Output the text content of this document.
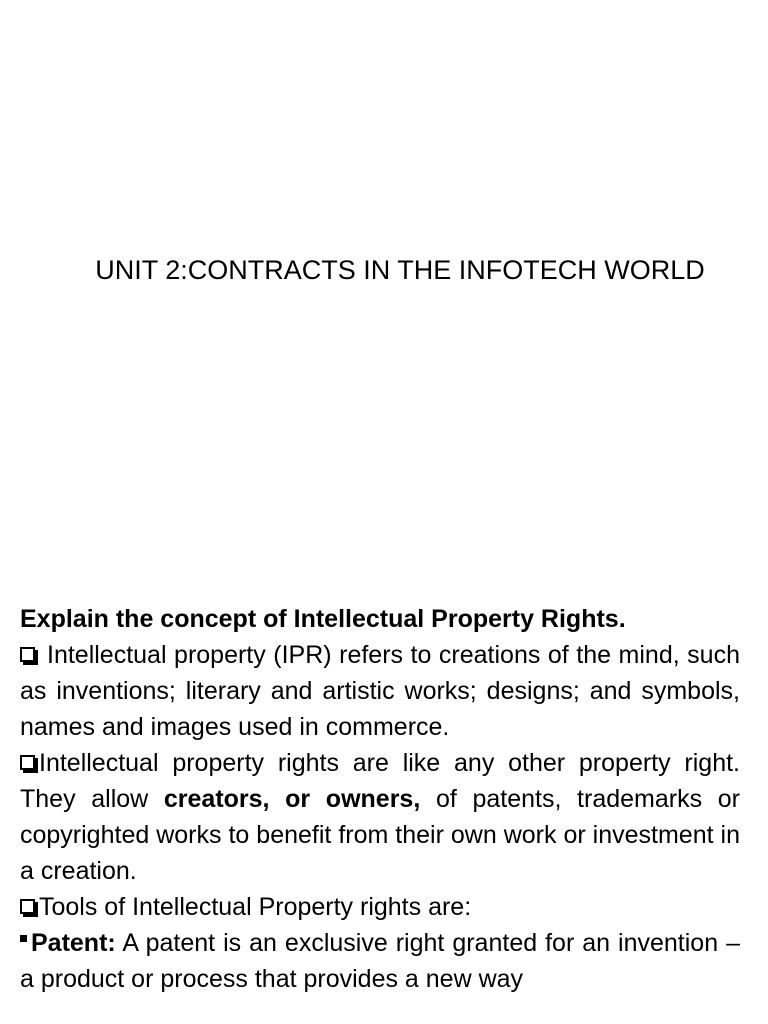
UNIT 2:CONTRACTS IN THE INFOTECH WORLD

Explain the concept of Intellectual Property Rights.

Intellectual property (IPR) refers to creations of the mind, such as inventions; literary and artistic works; designs; and symbols, names and images used in commerce.

Intellectual property rights are like any other property right. They allow creators, or owners, of patents, trademarks or copyrighted works to benefit from their own work or investment in a creation.

Tools of Intellectual Property rights are:

Patent: A patent is an exclusive right granted for an invention – a product or process that provides a new way
